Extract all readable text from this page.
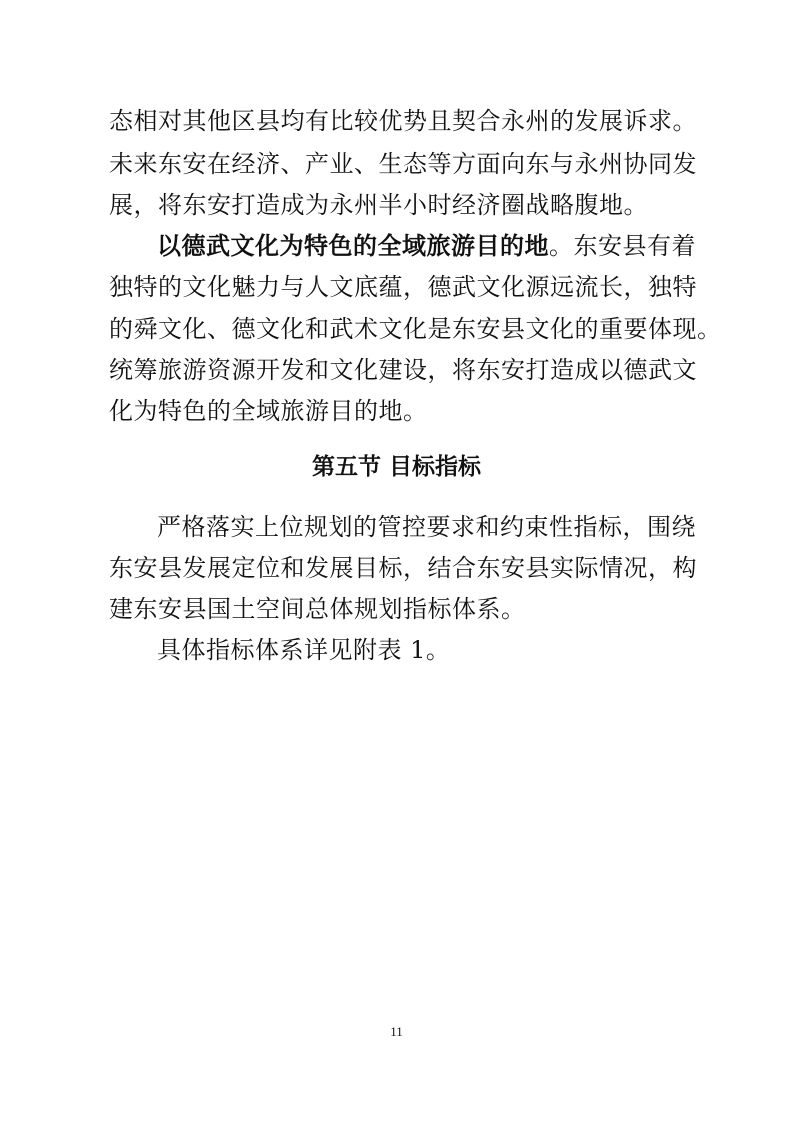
态相对其他区县均有比较优势且契合永州的发展诉求。
未来东安在经济、产业、生态等方面向东与永州协同发
展，将东安打造成为永州半小时经济圈战略腹地。
以德武文化为特色的全域旅游目的地。东安县有着
独特的文化魅力与人文底蕴，德武文化源远流长，独特
的舜文化、德文化和武术文化是东安县文化的重要体现。
统筹旅游资源开发和文化建设，将东安打造成以德武文
化为特色的全域旅游目的地。
第五节 目标指标
严格落实上位规划的管控要求和约束性指标，围绕
东安县发展定位和发展目标，结合东安县实际情况，构
建东安县国土空间总体规划指标体系。
具体指标体系详见附表 1。
11
